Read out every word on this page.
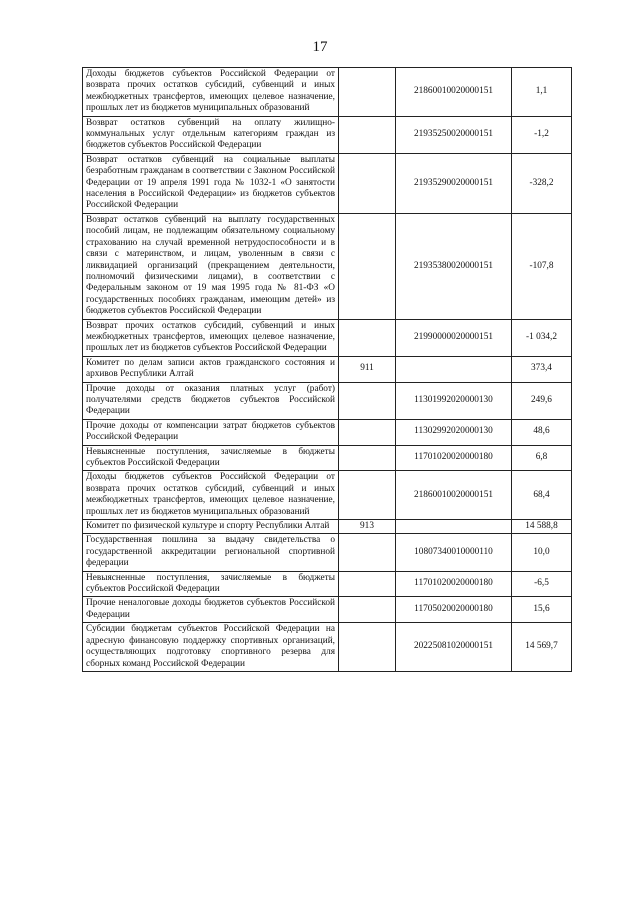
17
Доходы бюджетов субъектов Российской Федерации от возврата прочих остатков субсидий, субвенций и иных межбюджетных трансфертов, имеющих целевое назначение, прошлых лет из бюджетов муниципальных образований		21860010020000151	1,1
Возврат остатков субвенций на оплату жилищно-коммунальных услуг отдельным категориям граждан из бюджетов субъектов Российской Федерации		21935250020000151	-1,2
Возврат остатков субвенций на социальные выплаты безработным гражданам в соответствии с Законом Российской Федерации от 19 апреля 1991 года № 1032-1 «О занятости населения в Российской Федерации» из бюджетов субъектов Российской Федерации		21935290020000151	-328,2
Возврат остатков субвенций на выплату государственных пособий лицам, не подлежащим обязательному социальному страхованию на случай временной нетрудоспособности и в связи с материнством, и лицам, уволенным в связи с ликвидацией организаций (прекращением деятельности, полномочий физическими лицами), в соответствии с Федеральным законом от 19 мая 1995 года № 81-ФЗ «О государственных пособиях гражданам, имеющим детей» из бюджетов субъектов Российской Федерации		21935380020000151	-107,8
Возврат прочих остатков субсидий, субвенций и иных межбюджетных трансфертов, имеющих целевое назначение, прошлых лет из бюджетов субъектов Российской Федерации		21990000020000151	-1 034,2
Комитет по делам записи актов гражданского состояния и архивов Республики Алтай	911		373,4
Прочие доходы от оказания платных услуг (работ) получателями средств бюджетов субъектов Российской Федерации		11301992020000130	249,6
Прочие доходы от компенсации затрат бюджетов субъектов Российской Федерации		11302992020000130	48,6
Невыясненные поступления, зачисляемые в бюджеты субъектов Российской Федерации		11701020020000180	6,8
Доходы бюджетов субъектов Российской Федерации от возврата прочих остатков субсидий, субвенций и иных межбюджетных трансфертов, имеющих целевое назначение, прошлых лет из бюджетов муниципальных образований		21860010020000151	68,4
Комитет по физической культуре и спорту Республики Алтай	913		14 588,8
Государственная пошлина за выдачу свидетельства о государственной аккредитации региональной спортивной федерации		10807340010000110	10,0
Невыясненные поступления, зачисляемые в бюджеты субъектов Российской Федерации		11701020020000180	-6,5
Прочие неналоговые доходы бюджетов субъектов Российской Федерации		11705020020000180	15,6
Субсидии бюджетам субъектов Российской Федерации на адресную финансовую поддержку спортивных организаций, осуществляющих подготовку спортивного резерва для сборных команд Российской Федерации		20225081020000151	14 569,7
